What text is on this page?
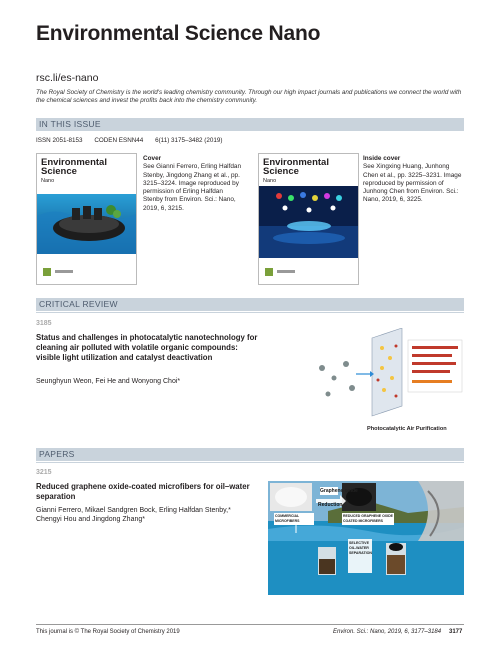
Environmental Science Nano
rsc.li/es-nano
The Royal Society of Chemistry is the world's leading chemistry community. Through our high impact journals and publications we connect the world with the chemical sciences and invest the profits back into the chemistry community.
IN THIS ISSUE
ISSN 2051-8153 CODEN ESNN44 6(11) 3175–3482 (2019)
Environmental Science
Nano
Cover
See Gianni Ferrero, Erling Halfdan Stenby, Jingdong Zhang et al., pp. 3215–3224. Image reproduced by permission of Erling Halfdan Stenby from Environ. Sci.: Nano, 2019, 6, 3215.
Environmental Science
Nano
Inside cover
See Xingxing Huang, Junhong Chen et al., pp. 3225–3231. Image reproduced by permission of Junhong Chen from Environ. Sci.: Nano, 2019, 6, 3225.
CRITICAL REVIEW
3185
Status and challenges in photocatalytic nanotechnology for cleaning air polluted with volatile organic compounds: visible light utilization and catalyst deactivation
Seunghyun Weon, Fei He and Wonyong Choi*
Photocatalytic Air Purification
PAPERS
3215
Reduced graphene oxide-coated microfibers for oil–water separation
Gianni Ferrero, Mikael Sandgren Bock, Erling Halfdan Stenby,* Chengyi Hou and Jingdong Zhang*
Graphene oxide
Reduction
COMMERCIAL MICROFIBERS
REDUCED GRAPHENE OXIDE COATED MICROFIBERS
SELECTIVE OIL-WATER SEPARATION
This journal is © The Royal Society of Chemistry 2019	Environ. Sci.: Nano, 2019, 6, 3177–3184 3177
